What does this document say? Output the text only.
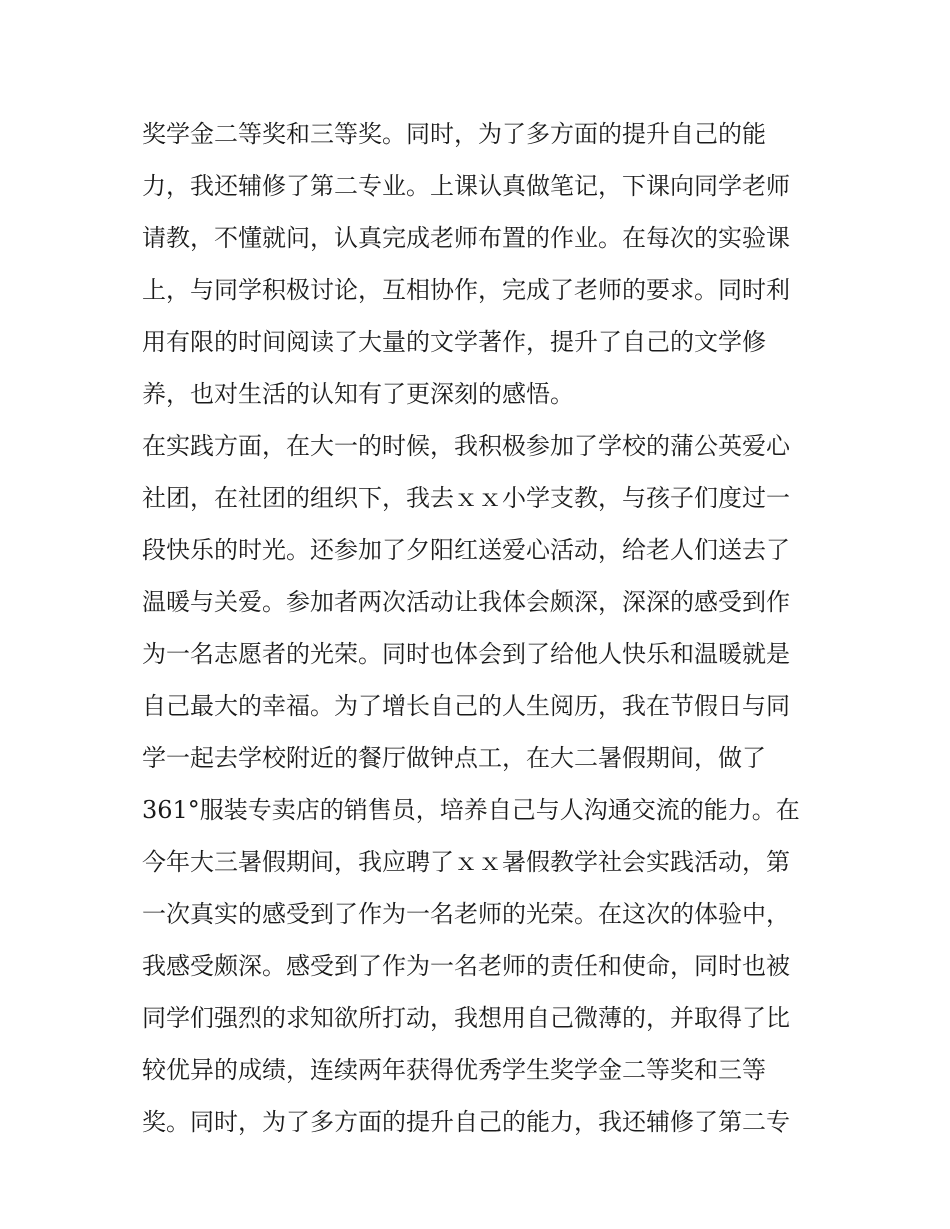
奖学金二等奖和三等奖。同时，为了多方面的提升自己的能
力，我还辅修了第二专业。上课认真做笔记，下课向同学老师
请教，不懂就问，认真完成老师布置的作业。在每次的实验课
上，与同学积极讨论，互相协作，完成了老师的要求。同时利
用有限的时间阅读了大量的文学著作，提升了自己的文学修
养，也对生活的认知有了更深刻的感悟。
在实践方面，在大一的时候，我积极参加了学校的蒲公英爱心
社团，在社团的组织下，我去ｘｘ小学支教，与孩子们度过一
段快乐的时光。还参加了夕阳红送爱心活动，给老人们送去了
温暖与关爱。参加者两次活动让我体会颇深，深深的感受到作
为一名志愿者的光荣。同时也体会到了给他人快乐和温暖就是
自己最大的幸福。为了增长自己的人生阅历，我在节假日与同
学一起去学校附近的餐厅做钟点工，在大二暑假期间，做了
361°服装专卖店的销售员，培养自己与人沟通交流的能力。在
今年大三暑假期间，我应聘了ｘｘ暑假教学社会实践活动，第
一次真实的感受到了作为一名老师的光荣。在这次的体验中，
我感受颇深。感受到了作为一名老师的责任和使命，同时也被
同学们强烈的求知欲所打动，我想用自己微薄的，并取得了比
较优异的成绩，连续两年获得优秀学生奖学金二等奖和三等
奖。同时，为了多方面的提升自己的能力，我还辅修了第二专
